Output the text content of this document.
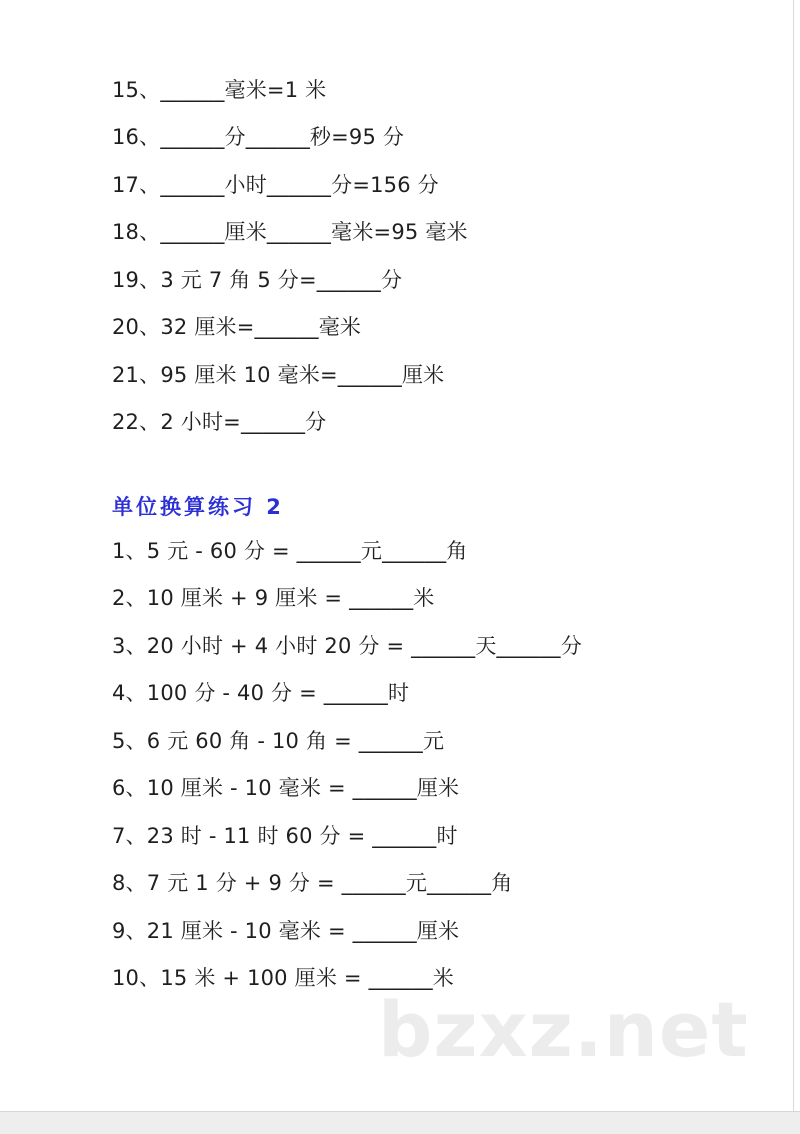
15、______毫米=1 米
16、______分______秒=95 分
17、______小时______分=156 分
18、______厘米______毫米=95 毫米
19、3 元 7 角 5 分=______分
20、32 厘米=______毫米
21、95 厘米 10 毫米=______厘米
22、2 小时=______分
单位换算练习 2
1、5 元 - 60 分 = ______元______角
2、10 厘米 + 9 厘米 = ______米
3、20 小时 + 4 小时 20 分 = ______天______分
4、100 分 - 40 分 = ______时
5、6 元 60 角 - 10 角 = ______元
6、10 厘米 - 10 毫米 = ______厘米
7、23 时 - 11 时 60 分 = ______时
8、7 元 1 分 + 9 分 = ______元______角
9、21 厘米 - 10 毫米 = ______厘米
10、15 米 + 100 厘米 = ______米
bzxz.net
